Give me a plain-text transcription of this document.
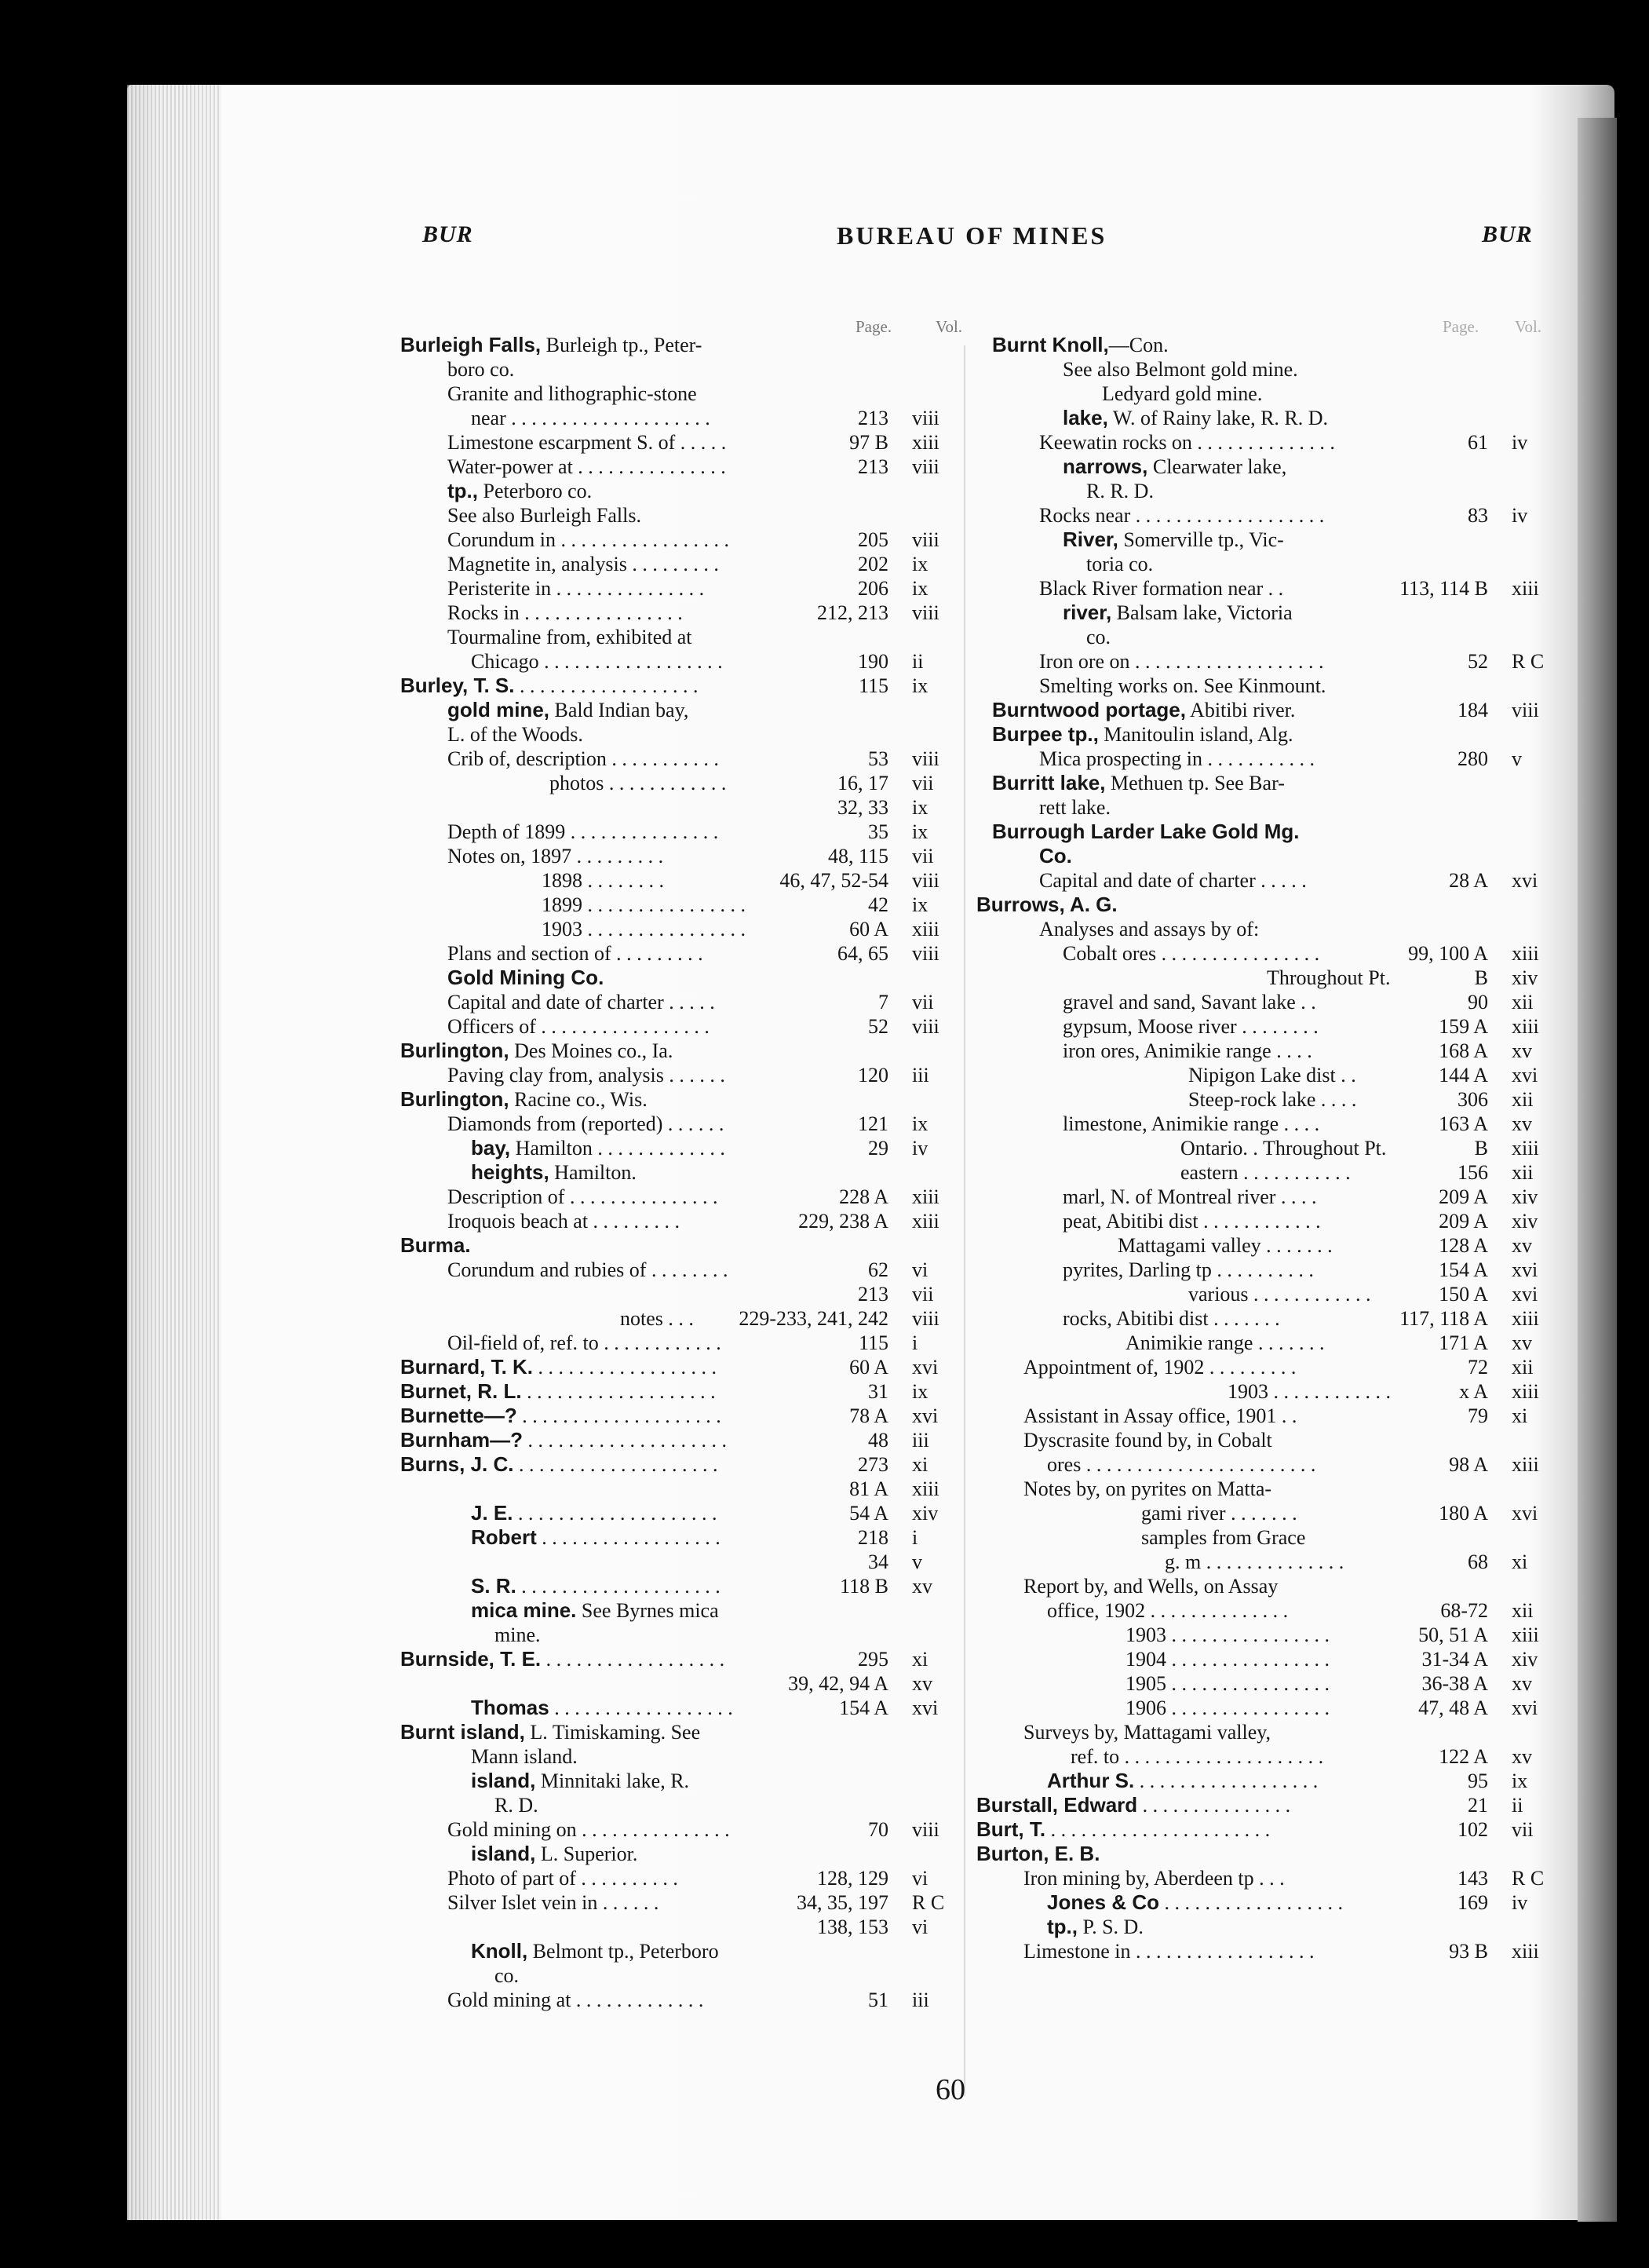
BUR	BUREAU OF MINES	BUR
Page.	Vol.	Page. Vol.
Burleigh Falls, Burleigh tp., Peter-
boro co.
Granite and lithographic-stone
near . . . . . . . . . . . . . . . . . . . .	213 viii
Limestone escarpment S. of . . . . .	97 B xiii
Water-power at . . . . . . . . . . . . . . .	213 viii
tp., Peterboro co.
See also Burleigh Falls.
Corundum in . . . . . . . . . . . . . . . . .	205 viii
Magnetite in, analysis . . . . . . . . .	202 ix
Peristerite in . . . . . . . . . . . . . . .	206 ix
Rocks in . . . . . . . . . . . . . . . .	212, 213 viii
Tourmaline from, exhibited at
Chicago . . . . . . . . . . . . . . . . . .	190 ii
Burley, T. S. . . . . . . . . . . . . . . . . . .	115 ix
gold mine, Bald Indian bay,
L. of the Woods.
Crib of, description . . . . . . . . . . .	53 viii
photos . . . . . . . . . . . .	16, 17 vii
32, 33 ix
Depth of 1899 . . . . . . . . . . . . . . .	35 ix
Notes on, 1897 . . . . . . . . .	48, 115 vii
1898 . . . . . . . .	46, 47, 52-54 viii
1899 . . . . . . . . . . . . . . . .	42 ix
1903 . . . . . . . . . . . . . . . .	60 A xiii
Plans and section of . . . . . . . . .	64, 65 viii
Gold Mining Co.
Capital and date of charter . . . . .	7 vii
Officers of . . . . . . . . . . . . . . . . .	52 viii
Burlington, Des Moines co., Ia.
Paving clay from, analysis . . . . . .	120 iii
Burlington, Racine co., Wis.
Diamonds from (reported) . . . . . .	121 ix
bay, Hamilton . . . . . . . . . . . . .	29 iv
heights, Hamilton.
Description of . . . . . . . . . . . . . . .	228 A xiii
Iroquois beach at . . . . . . . . .	229, 238 A xiii
Burma.
Corundum and rubies of . . . . . . . .	62 vi
213 vii
notes . . . 229-233, 241, 242 viii
Oil-field of, ref. to . . . . . . . . . . . .	115 i
Burnard, T. K. . . . . . . . . . . . . . . . . . .	60 A xvi
Burnet, R. L. . . . . . . . . . . . . . . . . . . .	31 ix
Burnette—? . . . . . . . . . . . . . . . . . . . .	78 A xvi
Burnham—? . . . . . . . . . . . . . . . . . . . .	48 iii
Burns, J. C. . . . . . . . . . . . . . . . . . . . .	273 xi
81 A xiii
J. E. . . . . . . . . . . . . . . . . . . . .	54 A xiv
Robert . . . . . . . . . . . . . . . . . .	218 i
34 v
S. R. . . . . . . . . . . . . . . . . . . . .	118 B xv
mica mine. See Byrnes mica
mine.
Burnside, T. E. . . . . . . . . . . . . . . . . . .	295 xi
39, 42, 94 A xv
Thomas . . . . . . . . . . . . . . . . . .	154 A xvi
Burnt island, L. Timiskaming. See
Mann island.
island, Minnitaki lake, R.
R. D.
Gold mining on . . . . . . . . . . . . . . .	70 viii
island, L. Superior.
Photo of part of . . . . . . . . . .	128, 129 vi
Silver Islet vein in . . . . . .	34, 35, 197 R C
138, 153 vi
Knoll, Belmont tp., Peterboro
co.
Gold mining at . . . . . . . . . . . . .	51 iii
Burnt Knoll,—Con.
See also Belmont gold mine.
Ledyard gold mine.
lake, W. of Rainy lake, R. R. D.
Keewatin rocks on . . . . . . . . . . . . . .	61 iv
narrows, Clearwater lake,
R. R. D.
Rocks near . . . . . . . . . . . . . . . . . . .	83 iv
River, Somerville tp., Vic-
toria co.
Black River formation near . .	113, 114 B xiii
river, Balsam lake, Victoria
co.
Iron ore on . . . . . . . . . . . . . . . . . . .	52 R C
Smelting works on. See Kinmount.
Burntwood portage, Abitibi river.	184 viii
Burpee tp., Manitoulin island, Alg.
Mica prospecting in . . . . . . . . . . .	280 v
Burritt lake, Methuen tp. See Bar-
rett lake.
Burrough Larder Lake Gold Mg.
Co.
Capital and date of charter . . . . .	28 A xvi
Burrows, A. G.
Analyses and assays by of:
Cobalt ores . . . . . . . . . . . . . . . .	99, 100 A xiii
Throughout Pt.	B xiv
gravel and sand, Savant lake . .	90 xii
gypsum, Moose river . . . . . . . .	159 A xiii
iron ores, Animikie range . . . .	168 A xv
Nipigon Lake dist . .	144 A xvi
Steep-rock lake . . . .	306 xii
limestone, Animikie range . . . .	163 A xv
Ontario. . Throughout Pt.	B xiii
eastern . . . . . . . . . . .	156 xii
marl, N. of Montreal river . . . .	209 A xiv
peat, Abitibi dist . . . . . . . . . . . .	209 A xiv
Mattagami valley . . . . . . .	128 A xv
pyrites, Darling tp . . . . . . . . . .	154 A xvi
various . . . . . . . . . . . .	150 A xvi
rocks, Abitibi dist . . . . . . .	117, 118 A xiii
Animikie range . . . . . . .	171 A xv
Appointment of, 1902 . . . . . . . . .	72 xii
1903 . . . . . . . . . . . .	x A xiii
Assistant in Assay office, 1901 . .	79 xi
Dyscrasite found by, in Cobalt
ores . . . . . . . . . . . . . . . . . . . . . . .	98 A xiii
Notes by, on pyrites on Matta-
gami river . . . . . . .	180 A xvi
samples from Grace
g. m . . . . . . . . . . . . . .	68 xi
Report by, and Wells, on Assay
office, 1902 . . . . . . . . . . . . . .	68-72 xii
1903 . . . . . . . . . . . . . . . .	50, 51 A xiii
1904 . . . . . . . . . . . . . . . .	31-34 A xiv
1905 . . . . . . . . . . . . . . . .	36-38 A xv
1906 . . . . . . . . . . . . . . . .	47, 48 A xvi
Surveys by, Mattagami valley,
ref. to . . . . . . . . . . . . . . . . . . . .	122 A xv
Arthur S. . . . . . . . . . . . . . . . . . .	95 ix
Burstall, Edward . . . . . . . . . . . . . . .	21 ii
Burt, T. . . . . . . . . . . . . . . . . . . . . . .	102 vii
Burton, E. B.
Iron mining by, Aberdeen tp . . .	143 R C
Jones & Co . . . . . . . . . . . . . . . . . .	169 iv
tp., P. S. D.
Limestone in . . . . . . . . . . . . . . . . . .	93 B xiii
60
